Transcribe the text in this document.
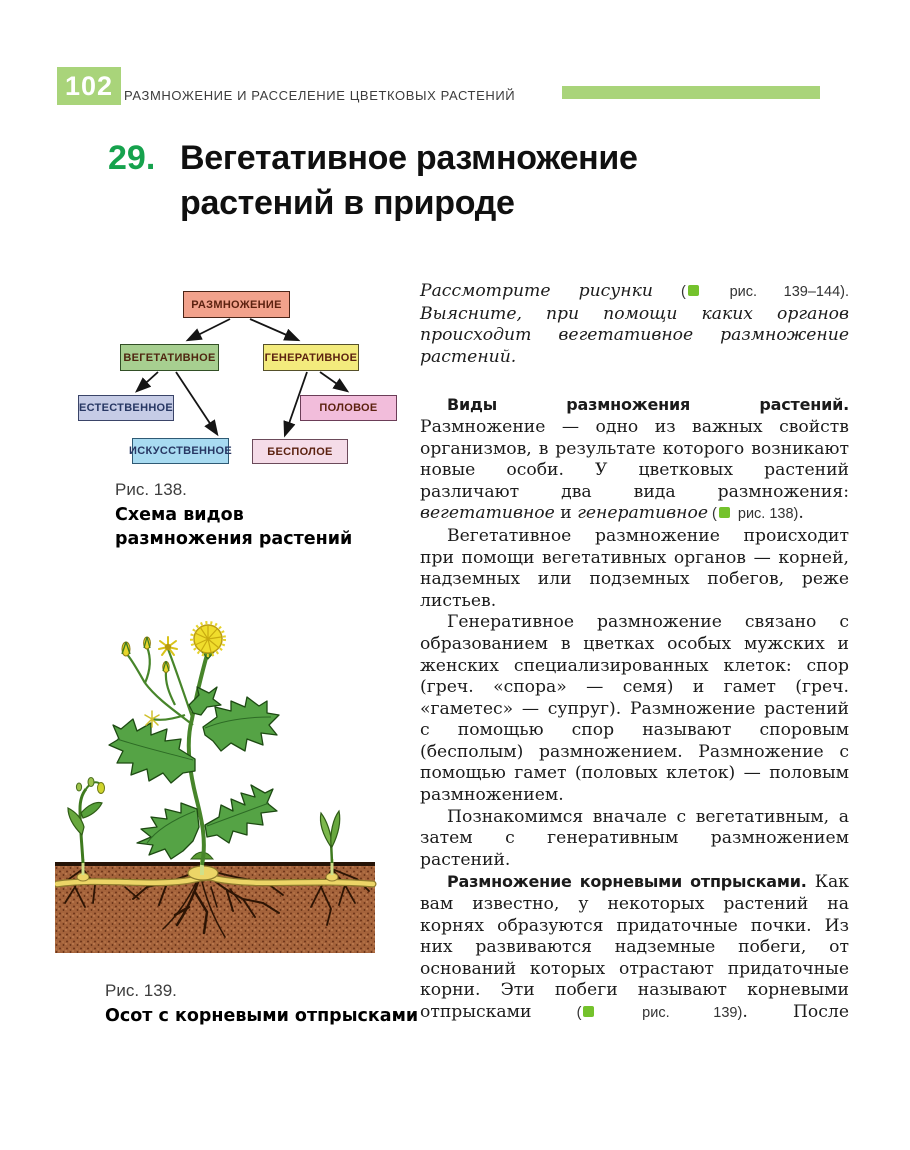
102 РАЗМНОЖЕНИЕ И РАССЕЛЕНИЕ ЦВЕТКОВЫХ РАСТЕНИЙ
29. Вегетативное размножение
растений в природе
РАЗМНОЖЕНИЕ
ВЕГЕТАТИВНОЕ	ГЕНЕРАТИВНОЕ
ЕСТЕСТВЕННОЕ	ПОЛОВОЕ
ИСКУССТВЕННОЕ	БЕСПОЛОЕ
Рис. 138.
Схема видов размножения растений
Рис. 139.
Осот с корневыми отпрысками

Рассмотрите рисунки ( рис. 139–144). Выясните, при помощи каких органов происходит вегетативное размножение растений.

Виды размножения растений. Размножение — одно из важных свойств организмов, в результате которого возникают новые особи. У цветковых растений различают два вида размножения: вегетативное и генеративное ( рис. 138).

Вегетативное размножение происходит при помощи вегетативных органов — корней, надземных или подземных побегов, реже листьев.

Генеративное размножение связано с образованием в цветках особых мужских и женских специализированных клеток: спор (греч. «спора» — семя) и гамет (греч. «гаметес» — супруг). Размножение растений с помощью спор называют споровым (бесполым) размножением. Размножение с помощью гамет (половых клеток) — половым размножением.

Познакомимся вначале с вегетативным, а затем с генеративным размножением растений.

Размножение корневыми отпрысками. Как вам известно, у некоторых растений на корнях образуются придаточные почки. Из них развиваются надземные побеги, от оснований которых отрастают придаточные корни. Эти побеги называют корневыми отпрысками ( рис. 139). После
